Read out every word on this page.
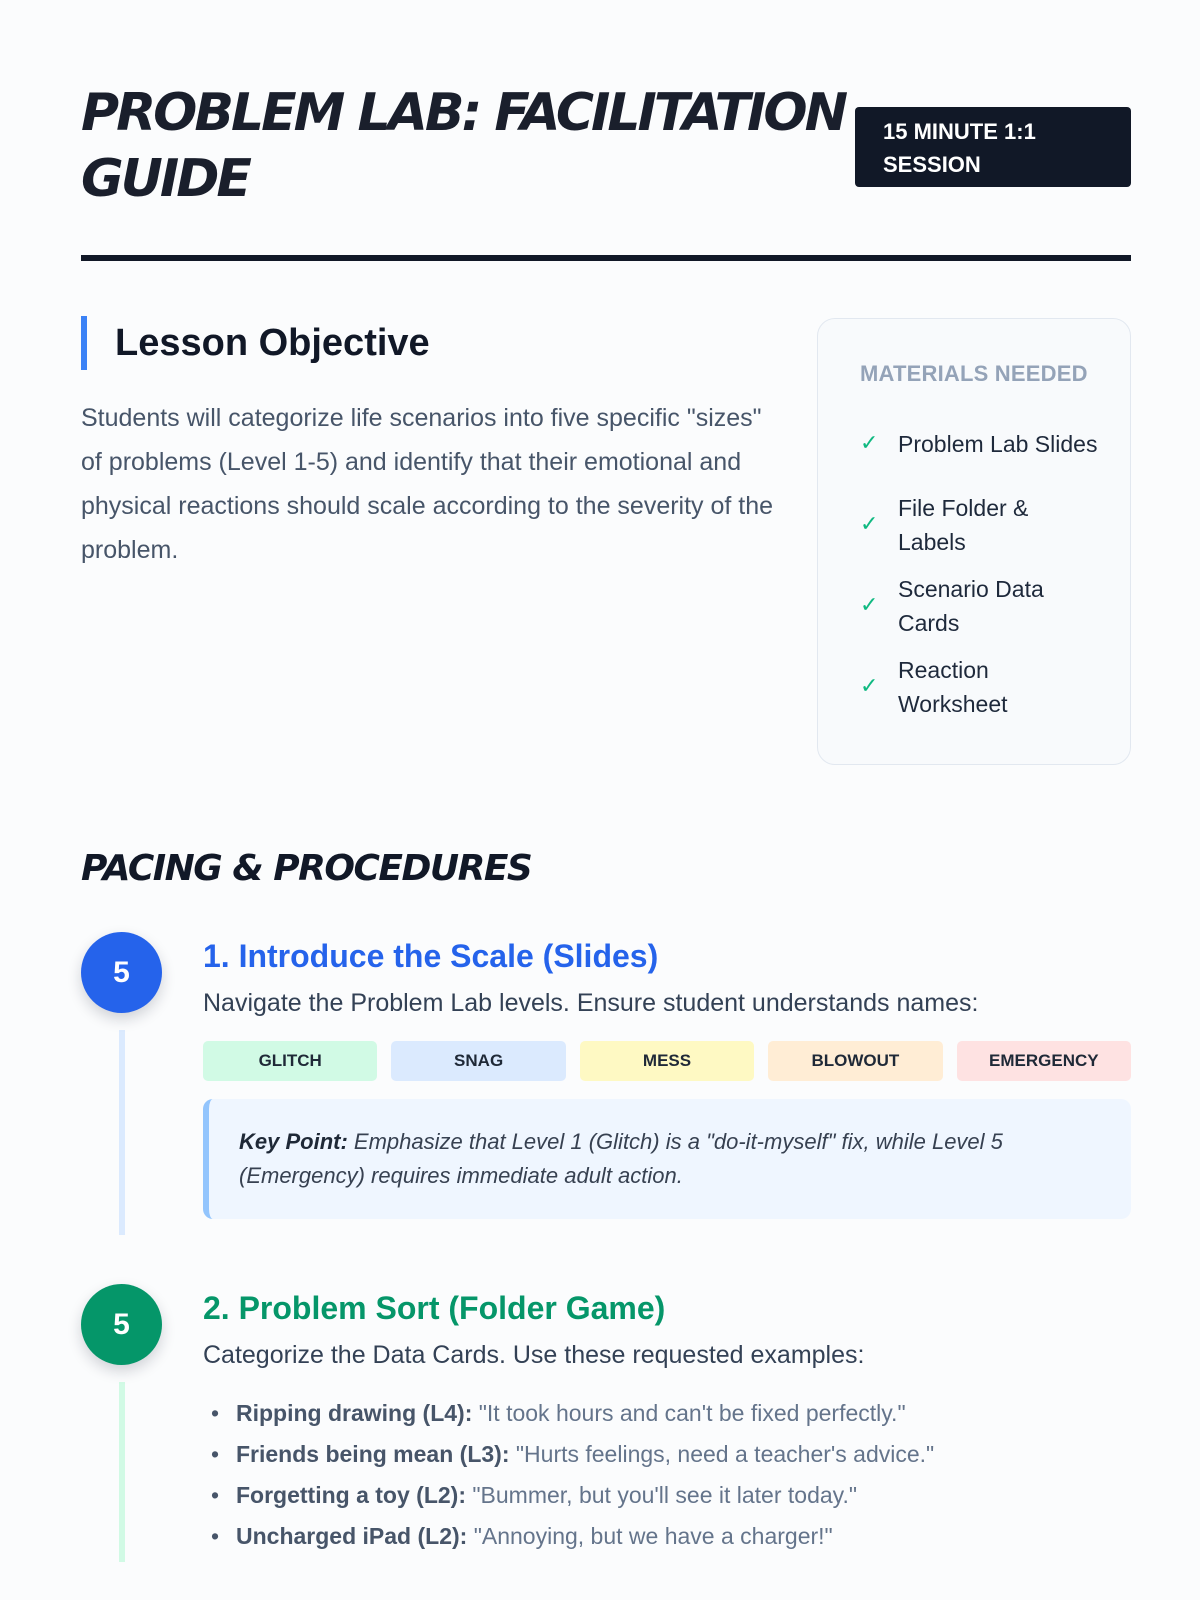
PROBLEM LAB: FACILITATION GUIDE
15 MINUTE 1:1 SESSION
Lesson Objective

Students will categorize life scenarios into five specific "sizes" of problems (Level 1-5) and identify that their emotional and physical reactions should scale according to the severity of the problem.

MATERIALS NEEDED
✓ Problem Lab Slides
✓
File Folder & Labels
✓
Scenario Data Cards
✓
Reaction Worksheet
PACING & PROCEDURES
5	1. Introduce the Scale (Slides)

Navigate the Problem Lab levels. Ensure student understands names:

GLITCH	SNAG	MESS	BLOWOUT	EMERGENCY
Key Point: Emphasize that Level 1 (Glitch) is a "do-it-myself" fix, while Level 5 (Emergency) requires immediate adult action.
5	2. Problem Sort (Folder Game)

Categorize the Data Cards. Use these requested examples:

• Ripping drawing (L4): "It took hours and can't be fixed perfectly."
• Friends being mean (L3): "Hurts feelings, need a teacher's advice."
• Forgetting a toy (L2): "Bummer, but you'll see it later today."
• Uncharged iPad (L2): "Annoying, but we have a charger!"
